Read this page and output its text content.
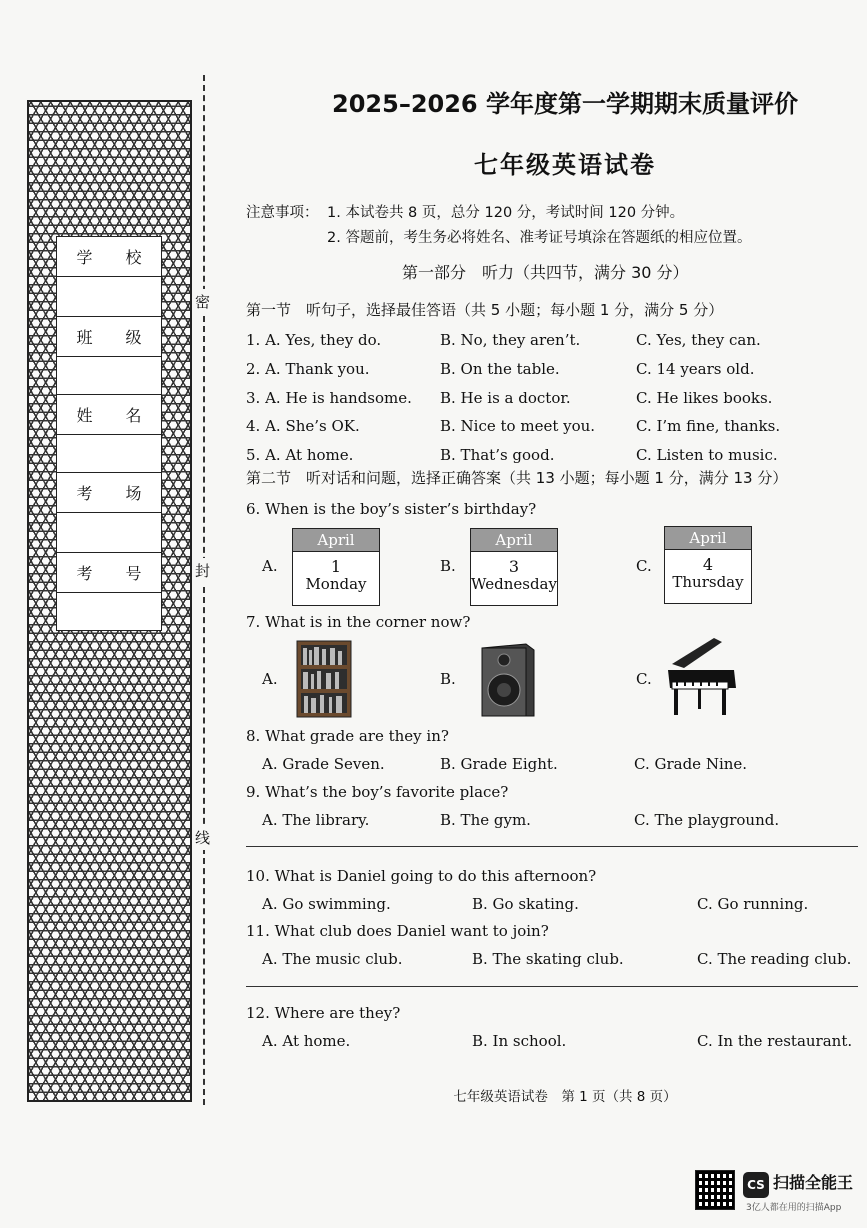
学 校
班 级
姓 名
考 场
考 号
密
封
线
2025–2026 学年度第一学期期末质量评价
七年级英语试卷
注意事项： 1. 本试卷共 8 页，总分 120 分，考试时间 120 分钟。
2. 答题前，考生务必将姓名、准考证号填涂在答题纸的相应位置。
第一部分　听力（共四节，满分 30 分）
第一节　听句子，选择最佳答语（共 5 小题；每小题 1 分，满分 5 分）
1. A. Yes, they do.	B. No, they aren’t.	C. Yes, they can.
2. A. Thank you.	B. On the table.	C. 14 years old.
3. A. He is handsome. B. He is a doctor.	C. He likes books.
4. A. She’s OK.	B. Nice to meet you.	C. I’m fine, thanks.
5. A. At home.	B. That’s good.	C. Listen to music.
第二节　听对话和问题，选择正确答案（共 13 小题；每小题 1 分，满分 13 分）
6. When is the boy’s sister’s birthday?
A.
April
1
Monday
B.
April
3
Wednesday
C.
April
4
Thursday
7. What is in the corner now?
A.	B.	C.
8. What grade are they in?
A. Grade Seven.	B. Grade Eight.	C. Grade Nine.
9. What’s the boy’s favorite place?
A. The library.	B. The gym.	C. The playground.
10. What is Daniel going to do this afternoon?
A. Go swimming.	B. Go skating.	C. Go running.
11. What club does Daniel want to join?
A. The music club.	B. The skating club.	C. The reading club.
12. Where are they?
A. At home.	B. In school.	C. In the restaurant.
七年级英语试卷　第 1 页（共 8 页）
CS 扫描全能王
3亿人都在用的扫描App
